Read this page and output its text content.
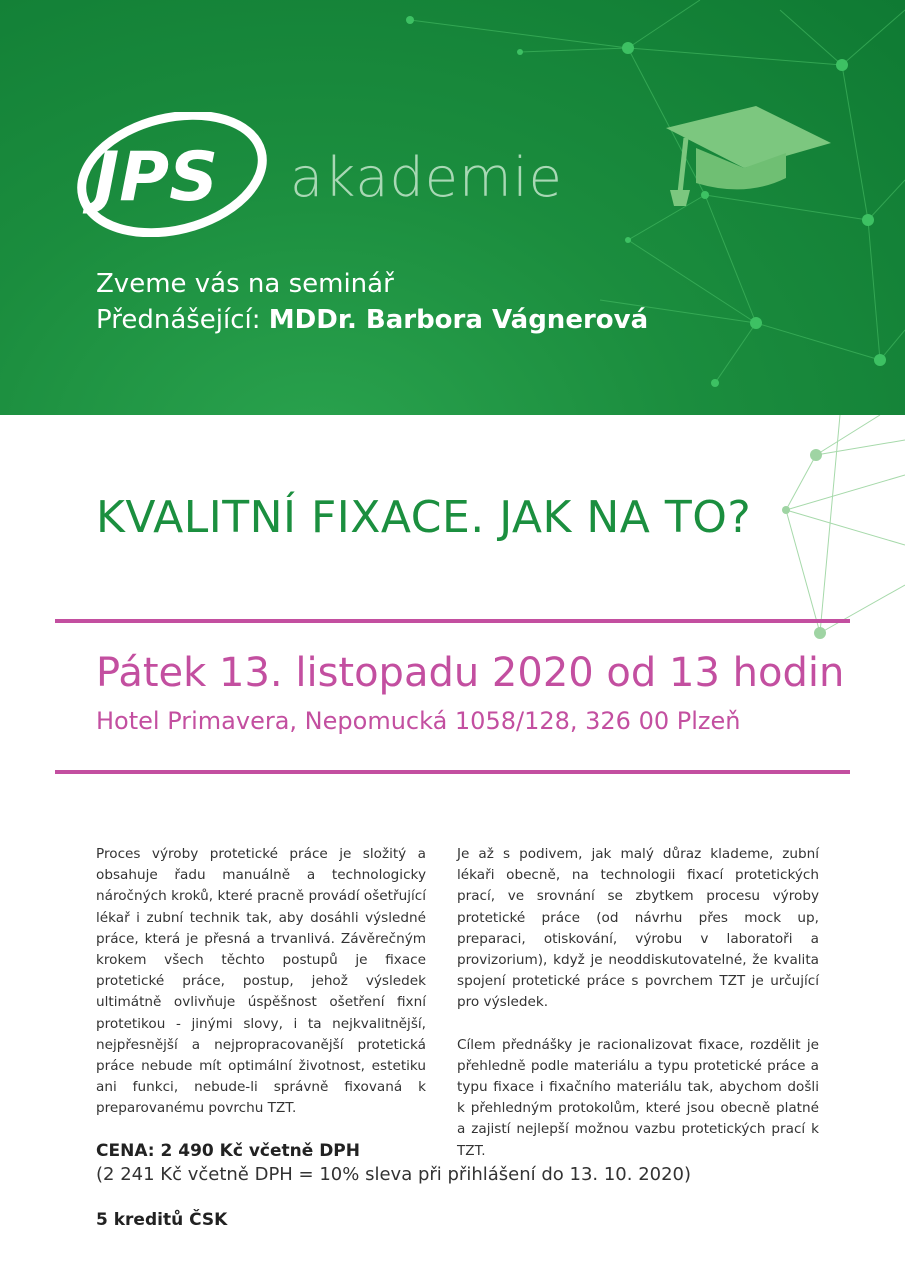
JPS akademie
Zveme vás na seminář
Přednášející: MDDr. Barbora Vágnerová
KVALITNÍ FIXACE. JAK NA TO?
Pátek 13. listopadu 2020 od 13 hodin
Hotel Primavera, Nepomucká 1058/128, 326 00 Plzeň

Proces výroby protetické práce je složitý a obsahuje řadu manuálně a technologicky náročných kroků, které pracně provádí ošetřující lékař i zubní technik tak, aby dosáhli výsledné práce, která je přesná a trvanlivá. Závěrečným krokem všech těchto postupů je fixace protetické práce, postup, jehož výsledek ultimátně ovlivňuje úspěšnost ošetření fixní protetikou - jinými slovy, i ta nejkvalitnější, nejpřesnější a nejpropracovanější protetická práce nebude mít optimální životnost, estetiku ani funkci, nebude-li správně fixovaná k preparovanému povrchu TZT.

Je až s podivem, jak malý důraz klademe, zubní lékaři obecně, na technologii fixací protetických prací, ve srovnání se zbytkem procesu výroby protetické práce (od návrhu přes mock up, preparaci, otiskování, výrobu v laboratoři a provizorium), když je neoddiskutovatelné, že kvalita spojení protetické práce s povrchem TZT je určující pro výsledek.

Cílem přednášky je racionalizovat fixace, rozdělit je přehledně podle materiálu a typu protetické práce a typu fixace i fixačního materiálu tak, abychom došli k přehledným protokolům, které jsou obecně platné a zajistí nejlepší možnou vazbu protetických prací k TZT.

CENA: 2 490 Kč včetně DPH
(2 241 Kč včetně DPH = 10% sleva při přihlášení do 13. 10. 2020)
5 kreditů ČSK
